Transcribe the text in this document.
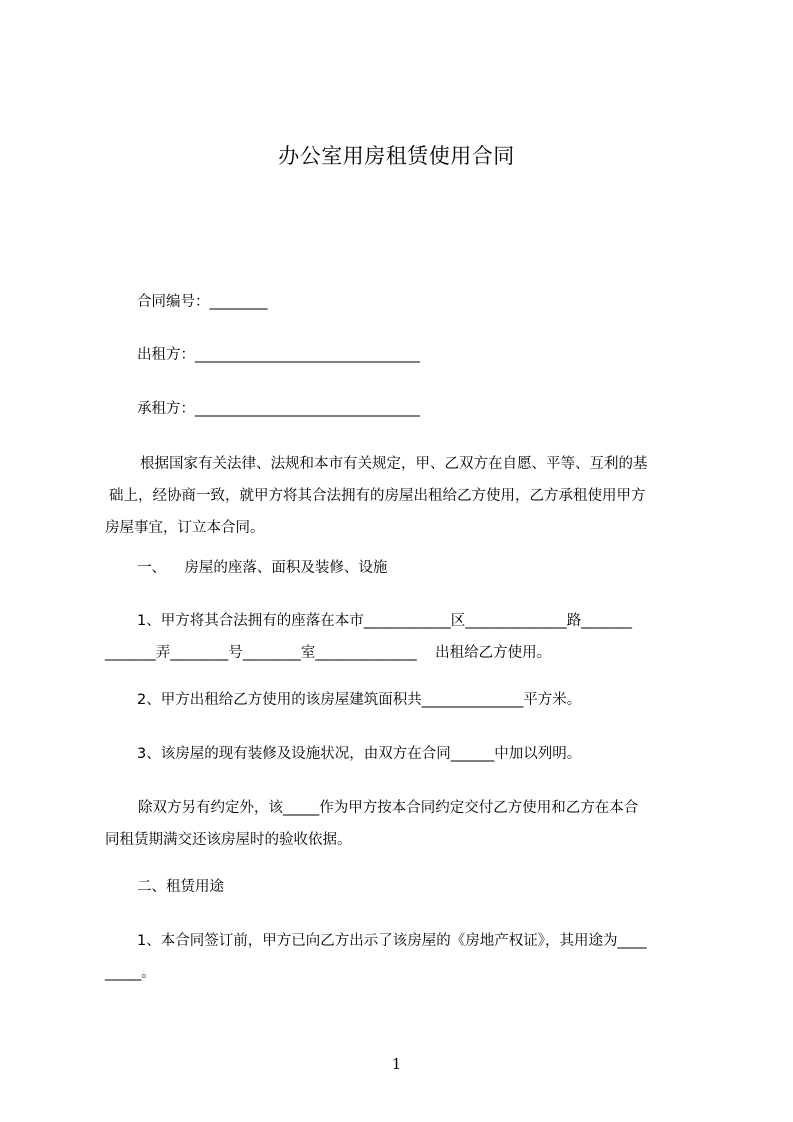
办公室用房租赁使用合同
合同编号：________
出租方：_______________________________
承租方：_______________________________

根据国家有关法律、法规和本市有关规定，甲、乙双方在自愿、平等、互利的基

础上，经协商一致，就甲方将其合法拥有的房屋出租给乙方使用，乙方承租使用甲方

房屋事宜，订立本合同。

一、    房屋的座落、面积及装修、设施

1、甲方将其合法拥有的座落在本市____________区______________路_______

_______弄________号________室______________    出租给乙方使用。

2、甲方出租给乙方使用的该房屋建筑面积共______________平方米。
3、该房屋的现有装修及设施状况，由双方在合同______中加以列明。

除双方另有约定外，该_____作为甲方按本合同约定交付乙方使用和乙方在本合

同租赁期满交还该房屋时的验收依据。

二、租赁用途

1、本合同签订前，甲方已向乙方出示了该房屋的《房地产权证》，其用途为____

_____。

1
